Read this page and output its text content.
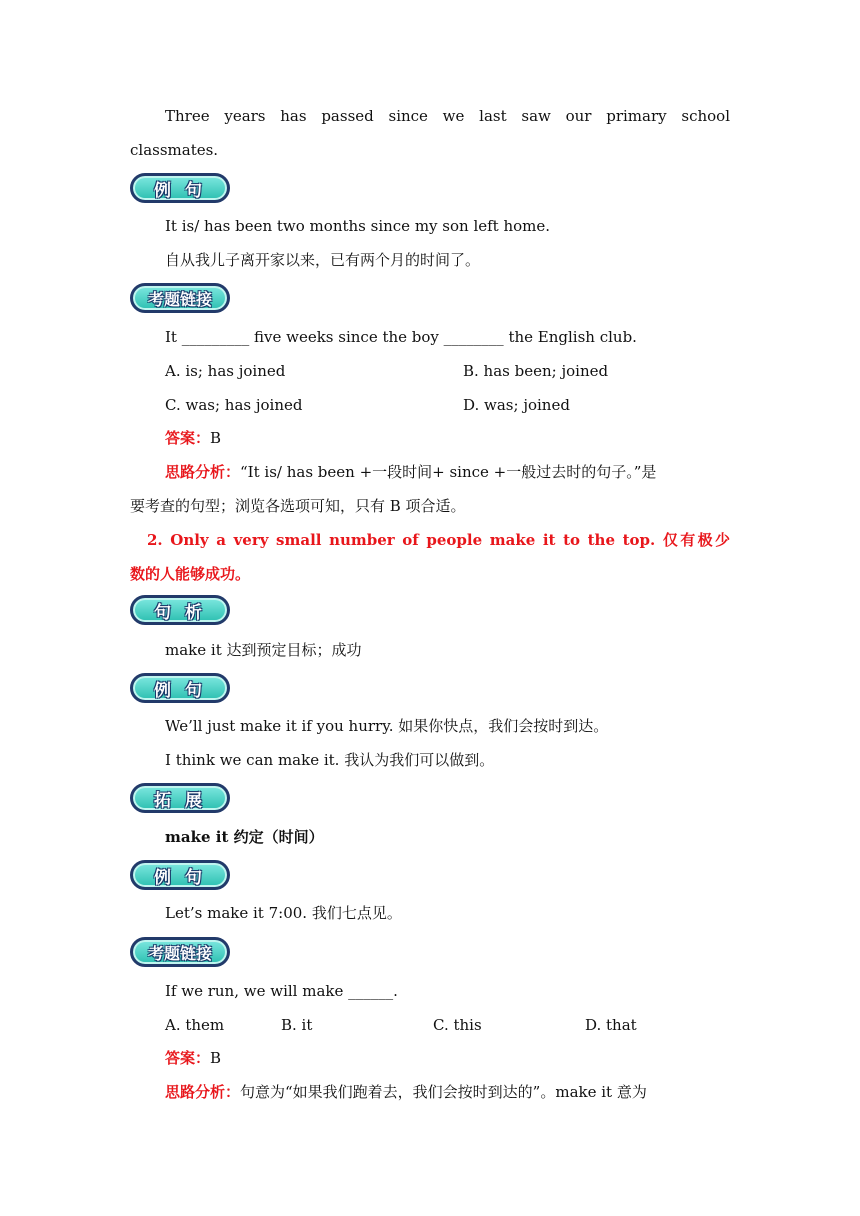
Three years has passed since we last saw our primary school
classmates.
例 句
It is/ has been two months since my son left home.
自从我儿子离开家以来，已有两个月的时间了。
考题链接
It _________ five weeks since the boy ________ the English club.
A. is; has joined	B. has been; joined
C. was; has joined	D. was; joined
答案：B
思路分析：“It is/ has been +一段时间+ since +一般过去时的句子。”是
要考查的句型；浏览各选项可知，只有 B 项合适。
2. Only a very small number of people make it to the top. 仅有极少
数的人能够成功。
句 析
make it 达到预定目标；成功
例 句
We’ll just make it if you hurry. 如果你快点，我们会按时到达。
I think we can make it. 我认为我们可以做到。
拓 展
make it 约定（时间）
例 句
Let’s make it 7:00. 我们七点见。
考题链接
If we run, we will make ______.
A. them	B. it	C. this	D. that
答案：B
思路分析：句意为“如果我们跑着去，我们会按时到达的”。make it 意为
